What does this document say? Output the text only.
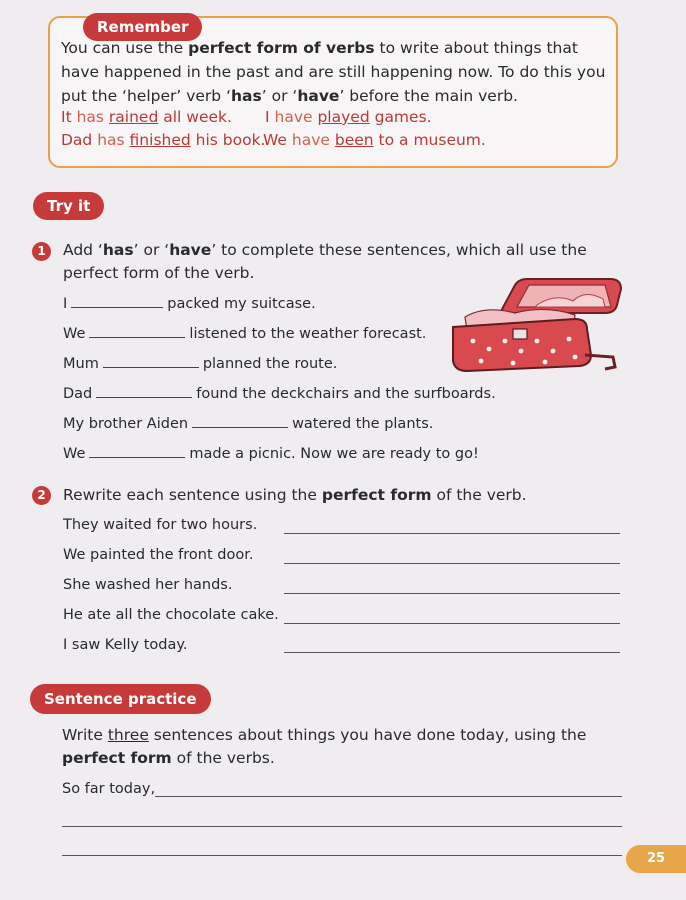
Remember
You can use the perfect form of verbs to write about things that have happened in the past and are still happening now. To do this you put the ‘helper’ verb ‘has’ or ‘have’ before the main verb.
It has rained all week. I have played games.
Dad has finished his book.
We have been to a museum.
Try it
1	Add ‘has’ or ‘have’ to complete these sentences, which all use the perfect form of the verb.
I	packed my suitcase.
We	listened to the weather forecast.
Mum	planned the route.
Dad	found the deckchairs and the surfboards.
My brother Aiden	watered the plants.
We	made a picnic. Now we are ready to go!
2	Rewrite each sentence using the perfect form of the verb.
They waited for two hours.
We painted the front door.
She washed her hands.
He ate all the chocolate cake.
I saw Kelly today.
Sentence practice
Write three sentences about things you have done today, using the perfect form of the verbs.
So far today,
25
